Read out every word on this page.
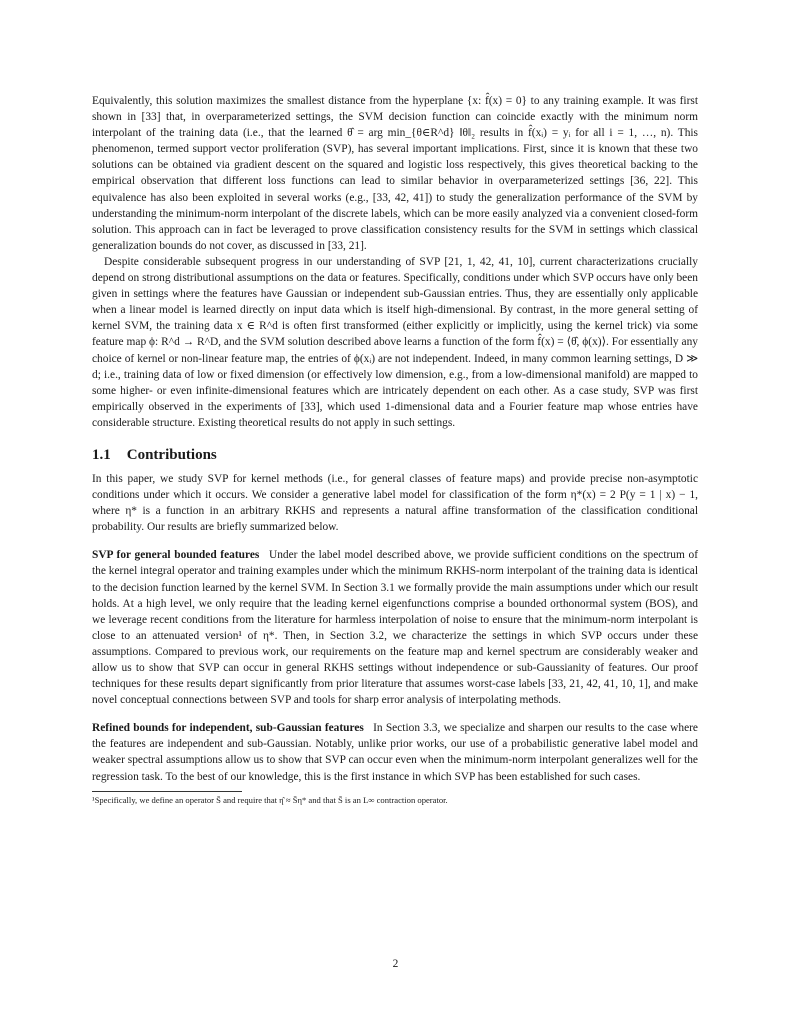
Equivalently, this solution maximizes the smallest distance from the hyperplane {x: f̂(x) = 0} to any training example. It was first shown in [33] that, in overparameterized settings, the SVM decision function can coincide exactly with the minimum norm interpolant of the training data (i.e., that the learned θ̂ = arg min_{θ∈R^d} ‖θ‖₂ results in f̂(xᵢ) = yᵢ for all i = 1, …, n). This phenomenon, termed support vector proliferation (SVP), has several important implications. First, since it is known that these two solutions can be obtained via gradient descent on the squared and logistic loss respectively, this gives theoretical backing to the empirical observation that different loss functions can lead to similar behavior in overparameterized settings [36, 22]. This equivalence has also been exploited in several works (e.g., [33, 42, 41]) to study the generalization performance of the SVM by understanding the minimum-norm interpolant of the discrete labels, which can be more easily analyzed via a convenient closed-form solution. This approach can in fact be leveraged to prove classification consistency results for the SVM in settings which classical generalization bounds do not cover, as discussed in [33, 21].

Despite considerable subsequent progress in our understanding of SVP [21, 1, 42, 41, 10], current characterizations crucially depend on strong distributional assumptions on the data or features. Specifically, conditions under which SVP occurs have only been given in settings where the features have Gaussian or independent sub-Gaussian entries. Thus, they are essentially only applicable when a linear model is learned directly on input data which is itself high-dimensional. By contrast, in the more general setting of kernel SVM, the training data x ∈ R^d is often first transformed (either explicitly or implicitly, using the kernel trick) via some feature map ϕ: R^d → R^D, and the SVM solution described above learns a function of the form f̂(x) = ⟨θ̂, ϕ(x)⟩. For essentially any choice of kernel or non-linear feature map, the entries of ϕ(xᵢ) are not independent. Indeed, in many common learning settings, D ≫ d; i.e., training data of low or fixed dimension (or effectively low dimension, e.g., from a low-dimensional manifold) are mapped to some higher- or even infinite-dimensional features which are intricately dependent on each other. As a case study, SVP was first empirically observed in the experiments of [33], which used 1-dimensional data and a Fourier feature map whose entries have considerable structure. Existing theoretical results do not apply in such settings.

1.1 Contributions

In this paper, we study SVP for kernel methods (i.e., for general classes of feature maps) and provide precise non-asymptotic conditions under which it occurs. We consider a generative label model for classification of the form η*(x) = 2 P(y = 1 | x) − 1, where η* is a function in an arbitrary RKHS and represents a natural affine transformation of the classification conditional probability. Our results are briefly summarized below.

SVP for general bounded features Under the label model described above, we provide sufficient conditions on the spectrum of the kernel integral operator and training examples under which the minimum RKHS-norm interpolant of the training data is identical to the decision function learned by the kernel SVM. In Section 3.1 we formally provide the main assumptions under which our result holds. At a high level, we only require that the leading kernel eigenfunctions comprise a bounded orthonormal system (BOS), and we leverage recent conditions from the literature for harmless interpolation of noise to ensure that the minimum-norm interpolant is close to an attenuated version¹ of η*. Then, in Section 3.2, we characterize the settings in which SVP occurs under these assumptions. Compared to previous work, our requirements on the feature map and kernel spectrum are considerably weaker and allow us to show that SVP can occur in general RKHS settings without independence or sub-Gaussianity of features. Our proof techniques for these results depart significantly from prior literature that assumes worst-case labels [33, 21, 42, 41, 10, 1], and make novel conceptual connections between SVP and tools for sharp error analysis of interpolating methods.

Refined bounds for independent, sub-Gaussian features In Section 3.3, we specialize and sharpen our results to the case where the features are independent and sub-Gaussian. Notably, unlike prior works, our use of a probabilistic generative label model and weaker spectral assumptions allow us to show that SVP can occur even when the minimum-norm interpolant generalizes well for the regression task. To the best of our knowledge, this is the first instance in which SVP has been established for such cases.

¹Specifically, we define an operator S̄ and require that η̂ ≈ S̄η* and that S̄ is an L∞ contraction operator.

2
